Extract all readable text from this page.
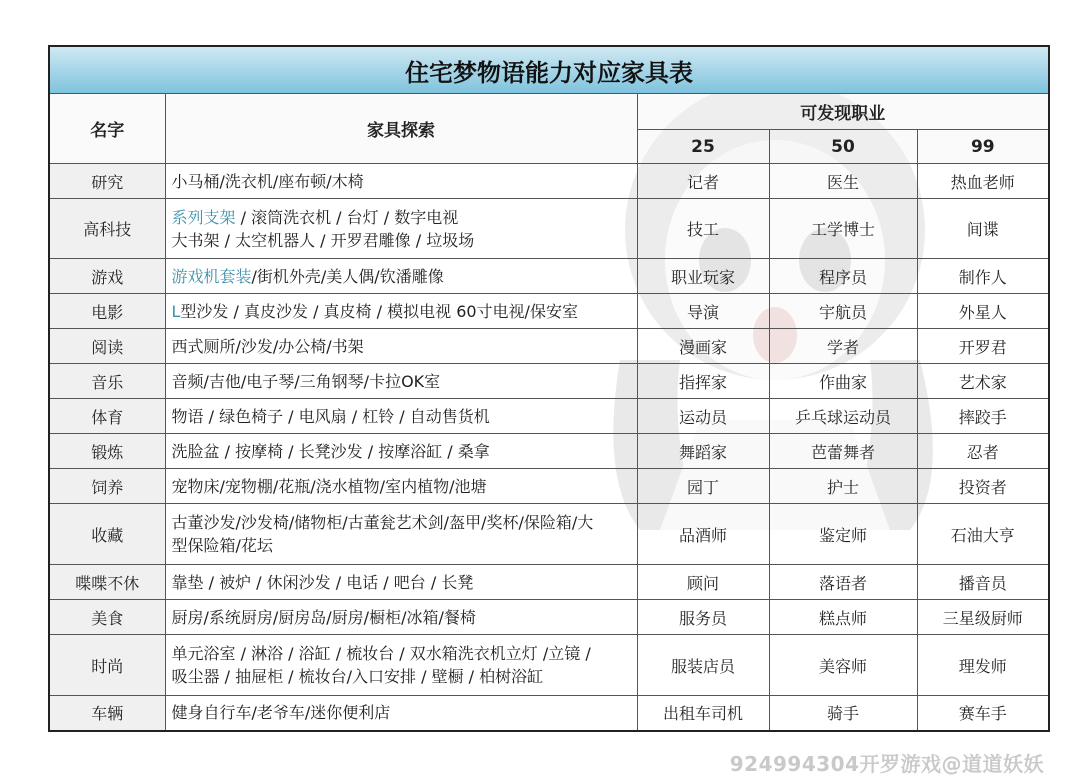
住宅梦物语能力对应家具表				
名字	家具探索	可发现职业		
		25	50	99
研究	小马桶/洗衣机/座布顿/木椅	记者	医生	热血老师
高科技	系列支架 / 滚筒洗衣机 / 台灯 / 数字电视
大书架 / 太空机器人 / 开罗君雕像 / 垃圾场	技工	工学博士	间谍
游戏	游戏机套装/街机外壳/美人偶/钦潘雕像	职业玩家	程序员	制作人
电影	L型沙发 / 真皮沙发 / 真皮椅 / 模拟电视 60寸电视/保安室	导演	宇航员	外星人
阅读	西式厕所/沙发/办公椅/书架	漫画家	学者	开罗君
音乐	音频/吉他/电子琴/三角钢琴/卡拉OK室	指挥家	作曲家	艺术家
体育	物语 / 绿色椅子 / 电风扇 / 杠铃 / 自动售货机	运动员	乒乓球运动员	摔跤手
锻炼	洗脸盆 / 按摩椅 / 长凳沙发 / 按摩浴缸 / 桑拿	舞蹈家	芭蕾舞者	忍者
饲养	宠物床/宠物棚/花瓶/浇水植物/室内植物/池塘	园丁	护士	投资者
收藏	古董沙发/沙发椅/储物柜/古董瓮艺术剑/盔甲/奖杯/保险箱/大
型保险箱/花坛	品酒师	鉴定师	石油大亨
喋喋不休	靠垫 / 被炉 / 休闲沙发 / 电话 / 吧台 / 长凳	顾问	落语者	播音员
美食	厨房/系统厨房/厨房岛/厨房/橱柜/冰箱/餐椅	服务员	糕点师	三星级厨师
时尚	单元浴室 / 淋浴 / 浴缸 / 梳妆台 / 双水箱洗衣机立灯 /立镜 /
吸尘器 / 抽屉柜 / 梳妆台/入口安排 / 壁橱 / 柏树浴缸	服装店员	美容师	理发师
车辆	健身自行车/老爷车/迷你便利店	出租车司机	骑手	赛车手
924994304开罗游戏@道道妖妖
